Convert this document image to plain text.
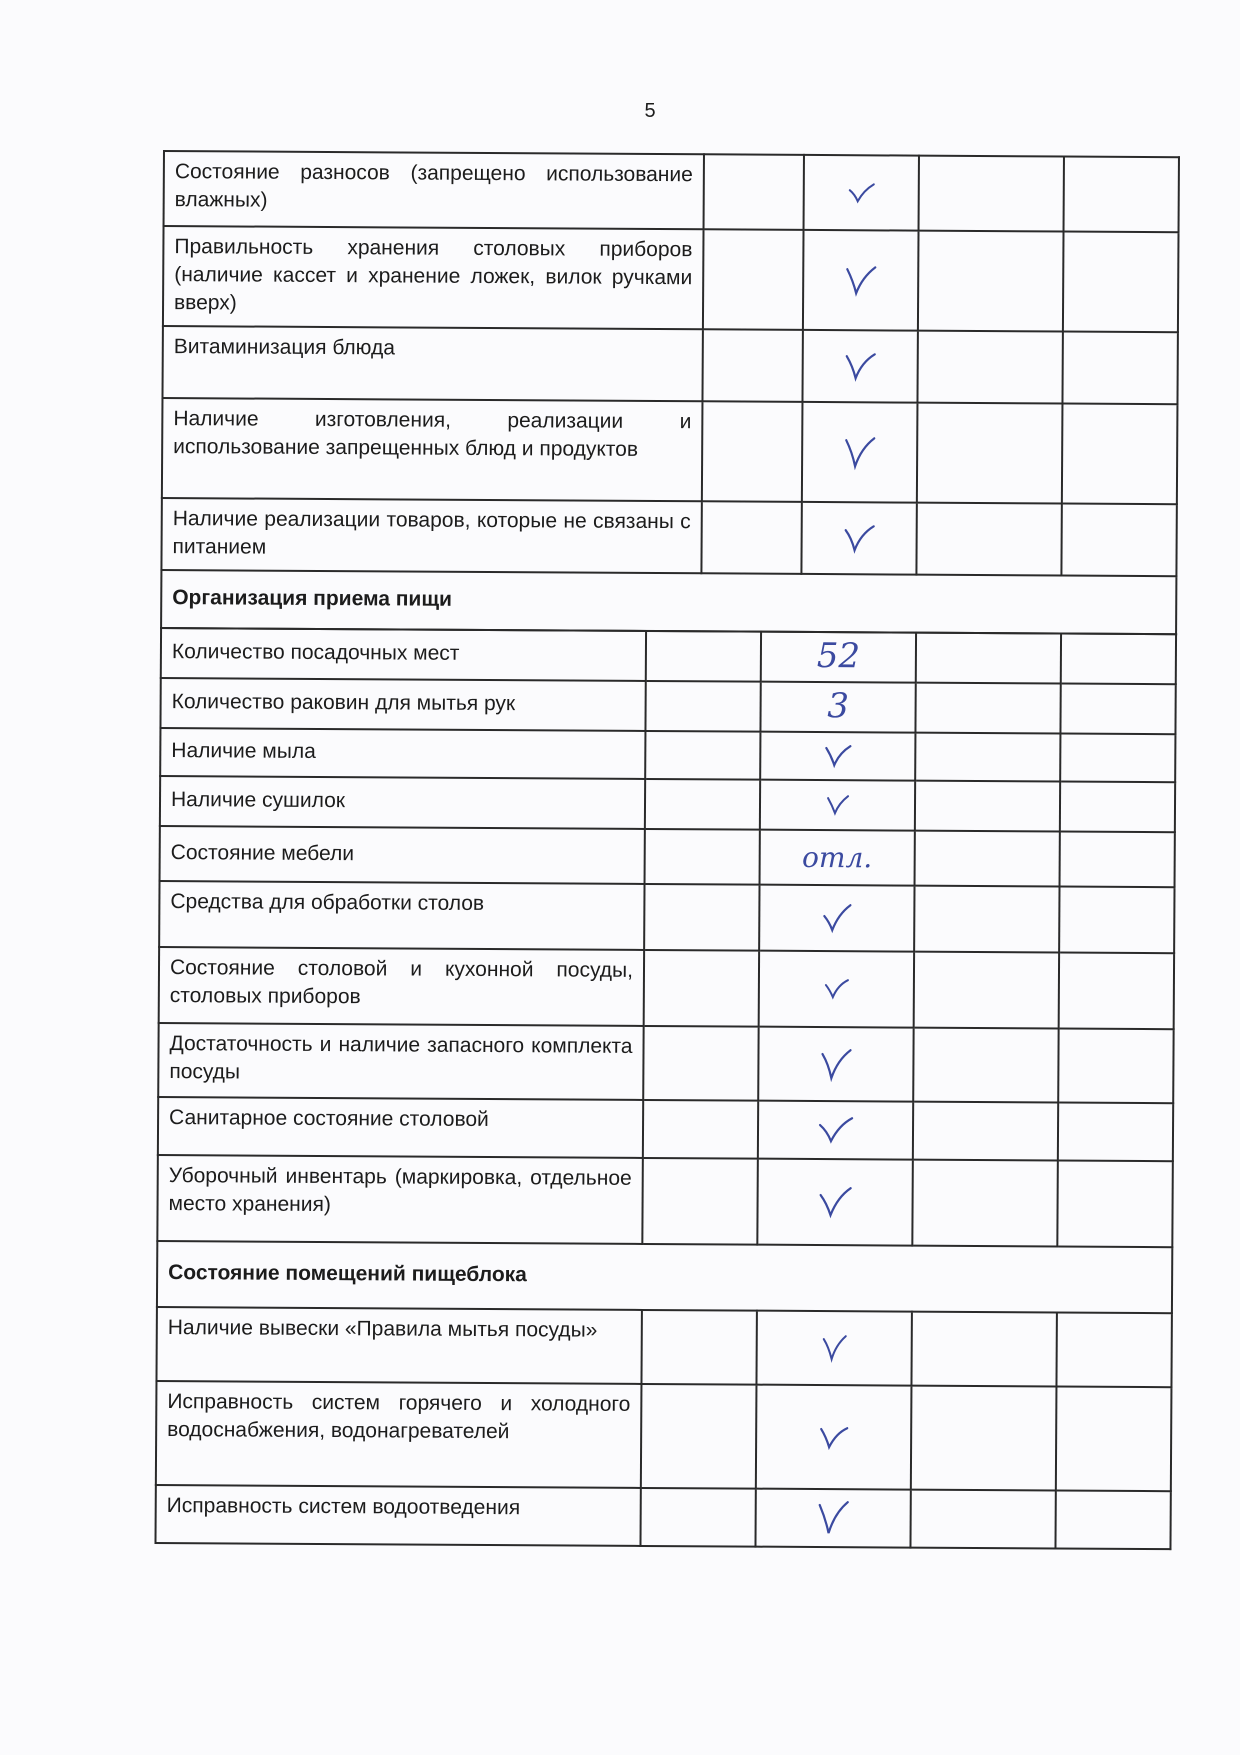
5
Состояние разносов (запрещено использование влажных)		

Правильность хранения столовых приборов (наличие кассет и хранение ложек, вилок ручками вверх)		

Витаминизация блюда		

Наличие изготовления, реализации и использование запрещенных блюд и продуктов		

Наличие реализации товаров, которые не связаны с питанием		

Организация приема пищи				
Количество посадочных мест		52		
Количество раковин для мытья рук		3		
Наличие мыла		

Наличие сушилок		

Состояние мебели		отл.		
Средства для обработки столов		

Состояние столовой и кухонной посуды, столовых приборов		

Достаточность и наличие запасного комплекта посуды		

Санитарное состояние столовой		

Уборочный инвентарь (маркировка, отдельное место хранения)		

Состояние помещений пищеблока				
Наличие вывески «Правила мытья посуды»		

Исправность систем горячего и холодного водоснабжения, водонагревателей		

Исправность систем водоотведения		
